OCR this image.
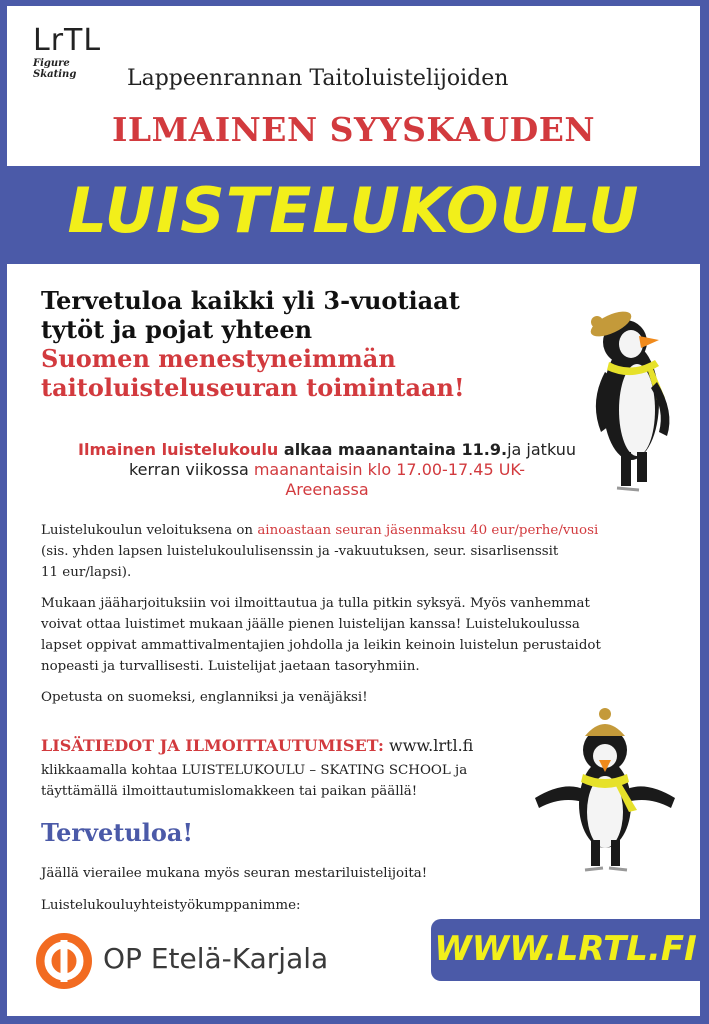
LrTL
Figure Skating	Lappeenrannan Taitoluistelijoiden
ILMAINEN SYYSKAUDEN
LUISTELUKOULU
Tervetuloa kaikki yli 3-vuotiaat
tytöt ja pojat yhteen
Suomen menestyneimmän
taitoluisteluseuran toimintaan!
Ilmainen luistelukoulu alkaa maanantaina 11.9.ja jatkuu
kerran viikossa maanantaisin klo 17.00-17.45 UK-
Areenassa
Luistelukoulun veloituksena on ainoastaan seuran jäsenmaksu 40 eur/perhe/vuosi
(sis. yhden lapsen luistelukoululisenssin ja -vakuutuksen, seur. sisarlisenssit
11 eur/lapsi).
Mukaan jääharjoituksiin voi ilmoittautua ja tulla pitkin syksyä. Myös vanhemmat
voivat ottaa luistimet mukaan jäälle pienen luistelijan kanssa! Luistelukoulussa
lapset oppivat ammattivalmentajien johdolla ja leikin keinoin luistelun perustaidot
nopeasti ja turvallisesti. Luistelijat jaetaan tasoryhmiin.
Opetusta on suomeksi, englanniksi ja venäjäksi!
LISÄTIEDOT JA ILMOITTAUTUMISET: www.lrtl.fi
klikkaamalla kohtaa LUISTELUKOULU – SKATING SCHOOL ja
täyttämällä ilmoittautumislomakkeen tai paikan päällä!
Tervetuloa!
Jäällä vierailee mukana myös seuran mestariluistelijoita!
Luistelukouluyhteistyökumppanimme:
OP Etelä-Karjala	WWW.LRTL.FI
